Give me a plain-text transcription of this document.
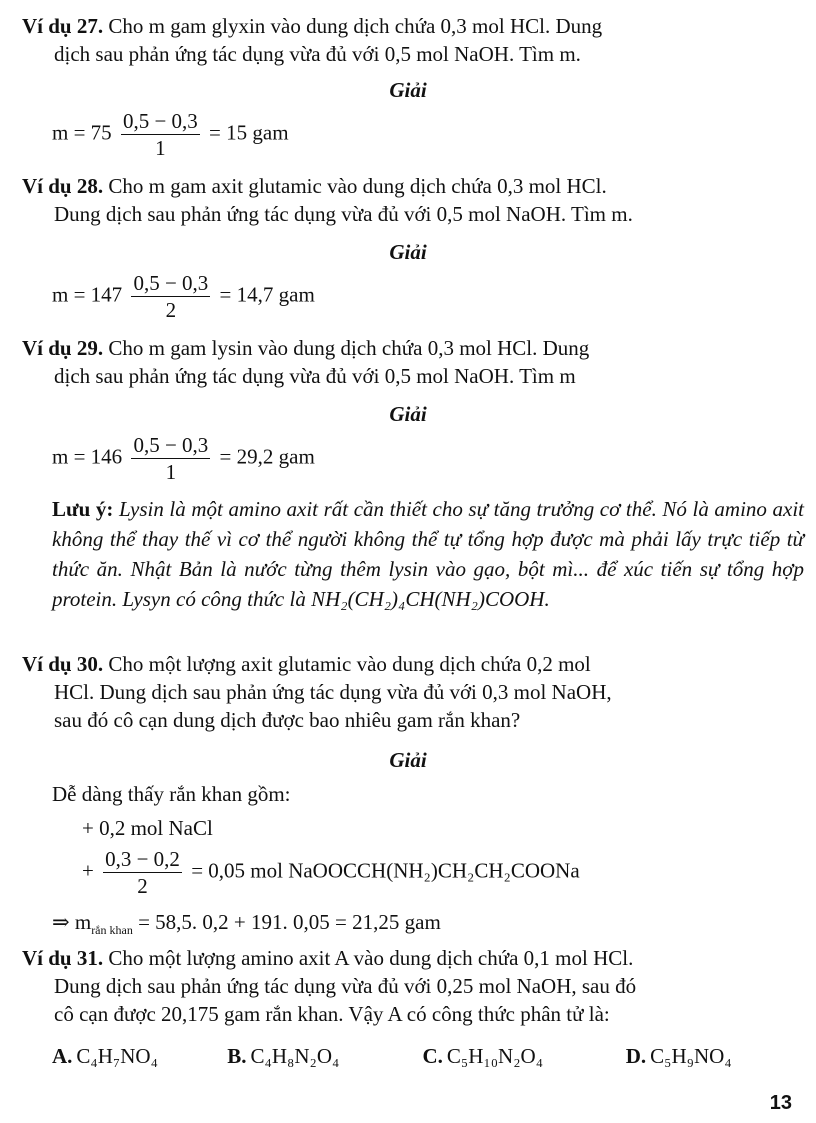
Ví dụ 27. Cho m gam glyxin vào dung dịch chứa 0,3 mol HCl. Dung
dịch sau phản ứng tác dụng vừa đủ với 0,5 mol NaOH. Tìm m.
Giải
$m = 75 \frac{0,5 - 0,3}{1} = 15$ gam
Ví dụ 28. Cho m gam axit glutamic vào dung dịch chứa 0,3 mol HCl.
Dung dịch sau phản ứng tác dụng vừa đủ với 0,5 mol NaOH. Tìm m.
Giải
$m = 147 \frac{0,5 - 0,3}{2} = 14,7$ gam
Ví dụ 29. Cho m gam lysin vào dung dịch chứa 0,3 mol HCl. Dung
dịch sau phản ứng tác dụng vừa đủ với 0,5 mol NaOH. Tìm m
Giải
$m = 146 \frac{0,5 - 0,3}{1} = 29,2$ gam
Lưu ý: Lysin là một amino axit rất cần thiết cho sự tăng trưởng cơ thể. Nó là amino axit không thể thay thế vì cơ thể người không thể tự tổng hợp được mà phải lấy trực tiếp từ thức ăn. Nhật Bản là nước từng thêm lysin vào gạo, bột mì... để xúc tiến sự tổng hợp protein. Lysyn có công thức là NH₂(CH₂)₄CH(NH₂)COOH.
Ví dụ 30. Cho một lượng axit glutamic vào dung dịch chứa 0,2 mol
HCl. Dung dịch sau phản ứng tác dụng vừa đủ với 0,3 mol NaOH,
sau đó cô cạn dung dịch được bao nhiêu gam rắn khan?
Giải
Dễ dàng thấy rắn khan gồm:
+ 0,2 mol NaCl
+ $\frac{0,3 - 0,2}{2} = 0,05$ mol NaOOCCH(NH₂)CH₂CH₂COONa
⇒ $m_{rắn khan} = 58,5$. 0,2 + 191. 0,05 = 21,25 gam
Ví dụ 31. Cho một lượng amino axit A vào dung dịch chứa 0,1 mol HCl.
Dung dịch sau phản ứng tác dụng vừa đủ với 0,25 mol NaOH, sau đó
cô cạn được 20,175 gam rắn khan. Vậy A có công thức phân tử là:
A. C₄H₇NO₄	B. C₄H₈N₂O₄	C. C₅H₁₀N₂O₄	D. C₅H₉NO₄
13
